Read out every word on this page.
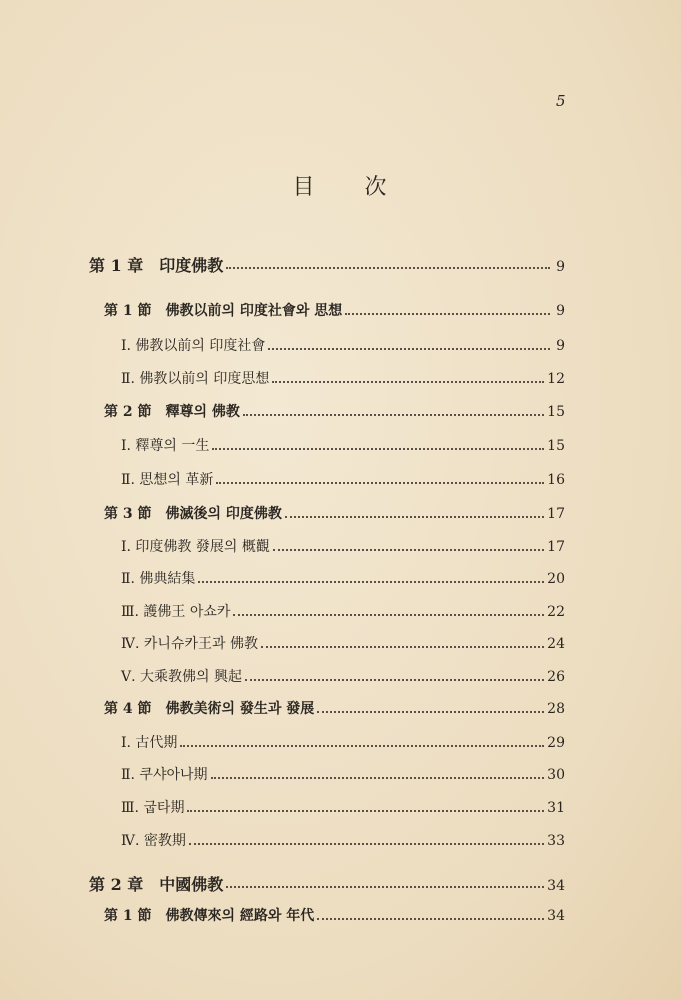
5
目 次
第 1 章　印度佛教	9
第 1 節　佛教以前의 印度社會와 思想	9
Ⅰ. 佛教以前의 印度社會	9
Ⅱ. 佛教以前의 印度思想	12
第 2 節　釋尊의 佛教	15
Ⅰ. 釋尊의 一生	15
Ⅱ. 思想의 革新	16
第 3 節　佛滅後의 印度佛教	17
Ⅰ. 印度佛教 發展의 概觀	17
Ⅱ. 佛典結集	20
Ⅲ. 護佛王 아쇼카	22
Ⅳ. 카니슈카王과 佛教	24
Ⅴ. 大乘教佛의 興起	26
第 4 節　佛教美術의 發生과 發展	28
Ⅰ. 古代期	29
Ⅱ. 쿠샤아나期	30
Ⅲ. 굽타期	31
Ⅳ. 密教期	33
第 2 章　中國佛教	34
第 1 節　佛教傳來의 經路와 年代	34
